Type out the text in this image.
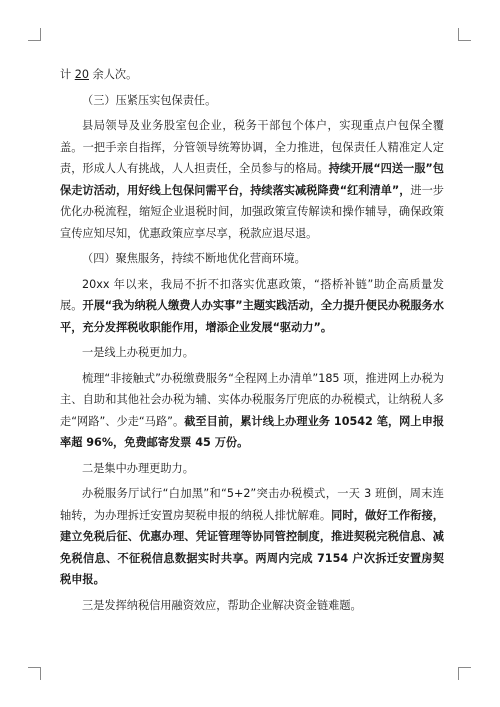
计 20 余人次。

（三）压紧压实包保责任。

县局领导及业务股室包企业，税务干部包个体户，实现重点户包保全覆盖。一把手亲自指挥，分管领导统筹协调，全力推进，包保责任人精准定人定责，形成人人有挑战，人人担责任，全员参与的格局。持续开展“四送一服”包保走访活动，用好线上包保问需平台，持续落实减税降费“红利清单”，进一步优化办税流程，缩短企业退税时间，加强政策宣传解读和操作辅导，确保政策宣传应知尽知，优惠政策应享尽享，税款应退尽退。

（四）聚焦服务，持续不断地优化营商环境。

20xx 年以来，我局不折不扣落实优惠政策，“搭桥补链”助企高质量发展。开展“我为纳税人缴费人办实事”主题实践活动，全力提升便民办税服务水平，充分发挥税收职能作用，增添企业发展“驱动力”。

一是线上办税更加力。

梳理“非接触式”办税缴费服务“全程网上办清单”185 项，推进网上办税为主、自助和其他社会办税为辅、实体办税服务厅兜底的办税模式，让纳税人多走“网路”、少走“马路”。截至目前，累计线上办理业务 10542 笔，网上申报率超 96%，免费邮寄发票 45 万份。

二是集中办理更助力。

办税服务厅试行“白加黑”和“5+2”突击办税模式，一天 3 班倒，周末连轴转，为办理拆迁安置房契税申报的纳税人排忧解难。同时，做好工作衔接，建立免税后征、优惠办理、凭证管理等协同管控制度，推进契税完税信息、减免税信息、不征税信息数据实时共享。两周内完成 7154 户次拆迁安置房契税申报。

三是发挥纳税信用融资效应，帮助企业解决资金链难题。
